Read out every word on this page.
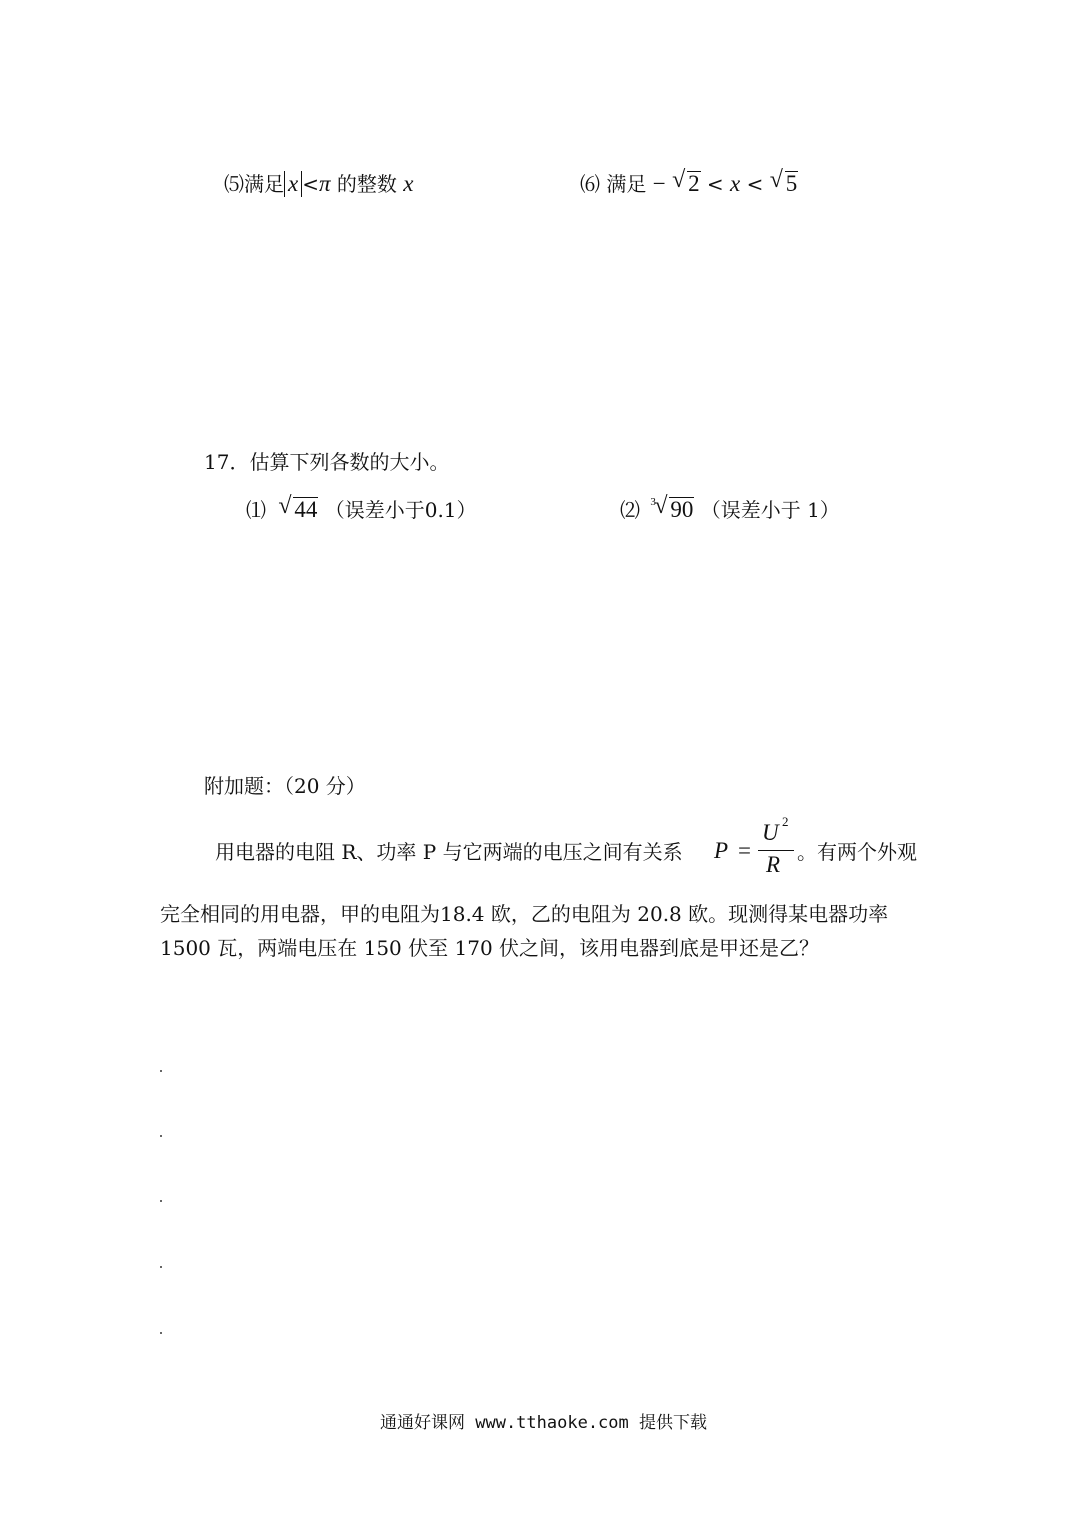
⑸满足 x <π 的整数 x	⑹ 满足 − √ 2 < x < √ 5
17．估算下列各数的大小。
⑴ √ 44 （误差小于0.1）	⑵ 3
√ 90 （误差小于 1）
附加题：（20 分）
用电器的电阻 R、功率 P 与它两端的电压之间有关系 P =
U 2
R 。有两个外观
完全相同的用电器，甲的电阻为18.4 欧，乙的电阻为 20.8 欧。现测得某电器功率
1500 瓦，两端电压在 150 伏至 170 伏之间，该用电器到底是甲还是乙？
通通好课网 www.tthaoke.com 提供下载
